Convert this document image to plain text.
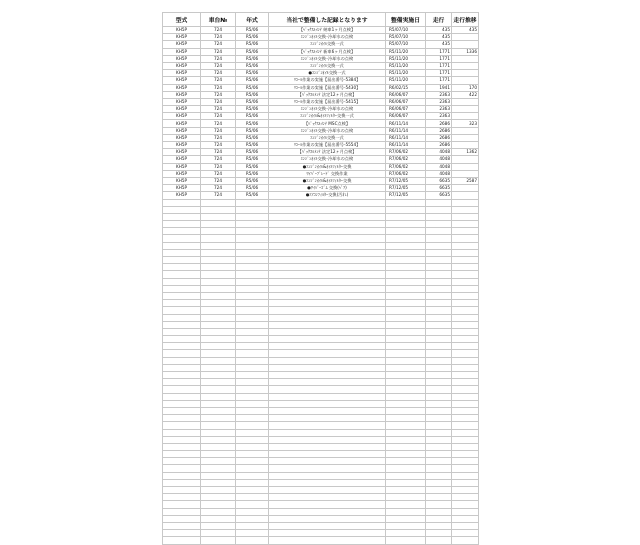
型式	車台№	年式	当社で整備した記録となります	整備実施日	走行	走行推移
KH5P	724	R5/06	【ﾍﾞｯｸｽﾙﾒﾝﾃ 納車1ヶ月点検】	R5/07/10	435	435
KH5P	724	R5/06	ｴﾝｼﾞﾝｵｲﾙ交換･冷却水の点検	R5/07/10	435	
KH5P	724	R5/06	ｴﾝｼﾞﾝｵｲﾙ交換一式	R5/07/10	435	
KH5P	724	R5/06	【ﾍﾞｯｸｽﾙﾒﾝﾃ 新車6ヶ月点検】	R5/11/20	1771	1336
KH5P	724	R5/06	ｴﾝｼﾞﾝｵｲﾙ交換･冷却水の点検	R5/11/20	1771	
KH5P	724	R5/06	ｴﾝｼﾞﾝｵｲﾙ交換一式	R5/11/20	1771	
KH5P	724	R5/06	●ｴﾝｼﾞﾝｵｲﾙ交換一式	R5/11/20	1771	
KH5P	724	R5/06	ﾘｺｰﾙ作業の実施【届出番号-5384】	R5/11/20	1771	
KH5P	724	R5/06	ﾘｺｰﾙ作業の実施【届出番号-5430】	R6/02/15	1941	170
KH5P	724	R5/06	【ﾊﾟｯｸｽﾙﾒﾝﾃ 法定12ヶ月点検】	R6/06/07	2363	422
KH5P	724	R5/06	ﾘｺｰﾙ作業の実施【届出番号-5415】	R6/06/07	2363	
KH5P	724	R5/06	ｴﾝｼﾞﾝｵｲﾙ交換･冷却水の点検	R6/06/07	2363	
KH5P	724	R5/06	ｴﾝｼﾞﾝｵｲﾙ&ｵｲﾙﾌｨﾙﾀｰ交換一式	R6/06/07	2363	
KH5P	724	R5/06	【ﾊﾟｯｸｽﾙﾒﾝﾃ MSC点検】	R6/11/14	2686	323
KH5P	724	R5/06	ｴﾝｼﾞﾝｵｲﾙ交換･冷却水の点検	R6/11/14	2686	
KH5P	724	R5/06	ｴﾝｼﾞﾝｵｲﾙ交換一式	R6/11/14	2686	
KH5P	724	R5/06	ﾘｺｰﾙ作業の実施【届出番号-5554】	R6/11/14	2686	
KH5P	724	R5/06	【ﾊﾟｯｸｽﾙﾒﾝﾃ 法定12ヶ月点検】	R7/06/02	4048	1362
KH5P	724	R5/06	ｴﾝｼﾞﾝｵｲﾙ交換･冷却水の点検	R7/06/02	4048	
KH5P	724	R5/06	●ｴﾝｼﾞﾝｵｲﾙ&ｵｲﾙﾌｨﾙﾀｰ交換	R7/06/02	4048	
KH5P	724	R5/06	ﾜｲﾊﾟｰﾌﾞﾚｰﾄﾞ 交換作業	R7/06/02	4048	
KH5P	724	R5/06	●ｴﾝｼﾞﾝｵｲﾙ&ｵｲﾙﾌｨﾙﾀｰ交換	R7/12/05	6635	2587
KH5P	724	R5/06	●ﾜｲﾊﾟｰｺﾞﾑ 交換(ﾍﾟｱ)	R7/12/05	6635	
KH5P	724	R5/06	●ｴｱｺﾝﾌｨﾙﾀｰ交換(汚れ)	R7/12/05	6635	
